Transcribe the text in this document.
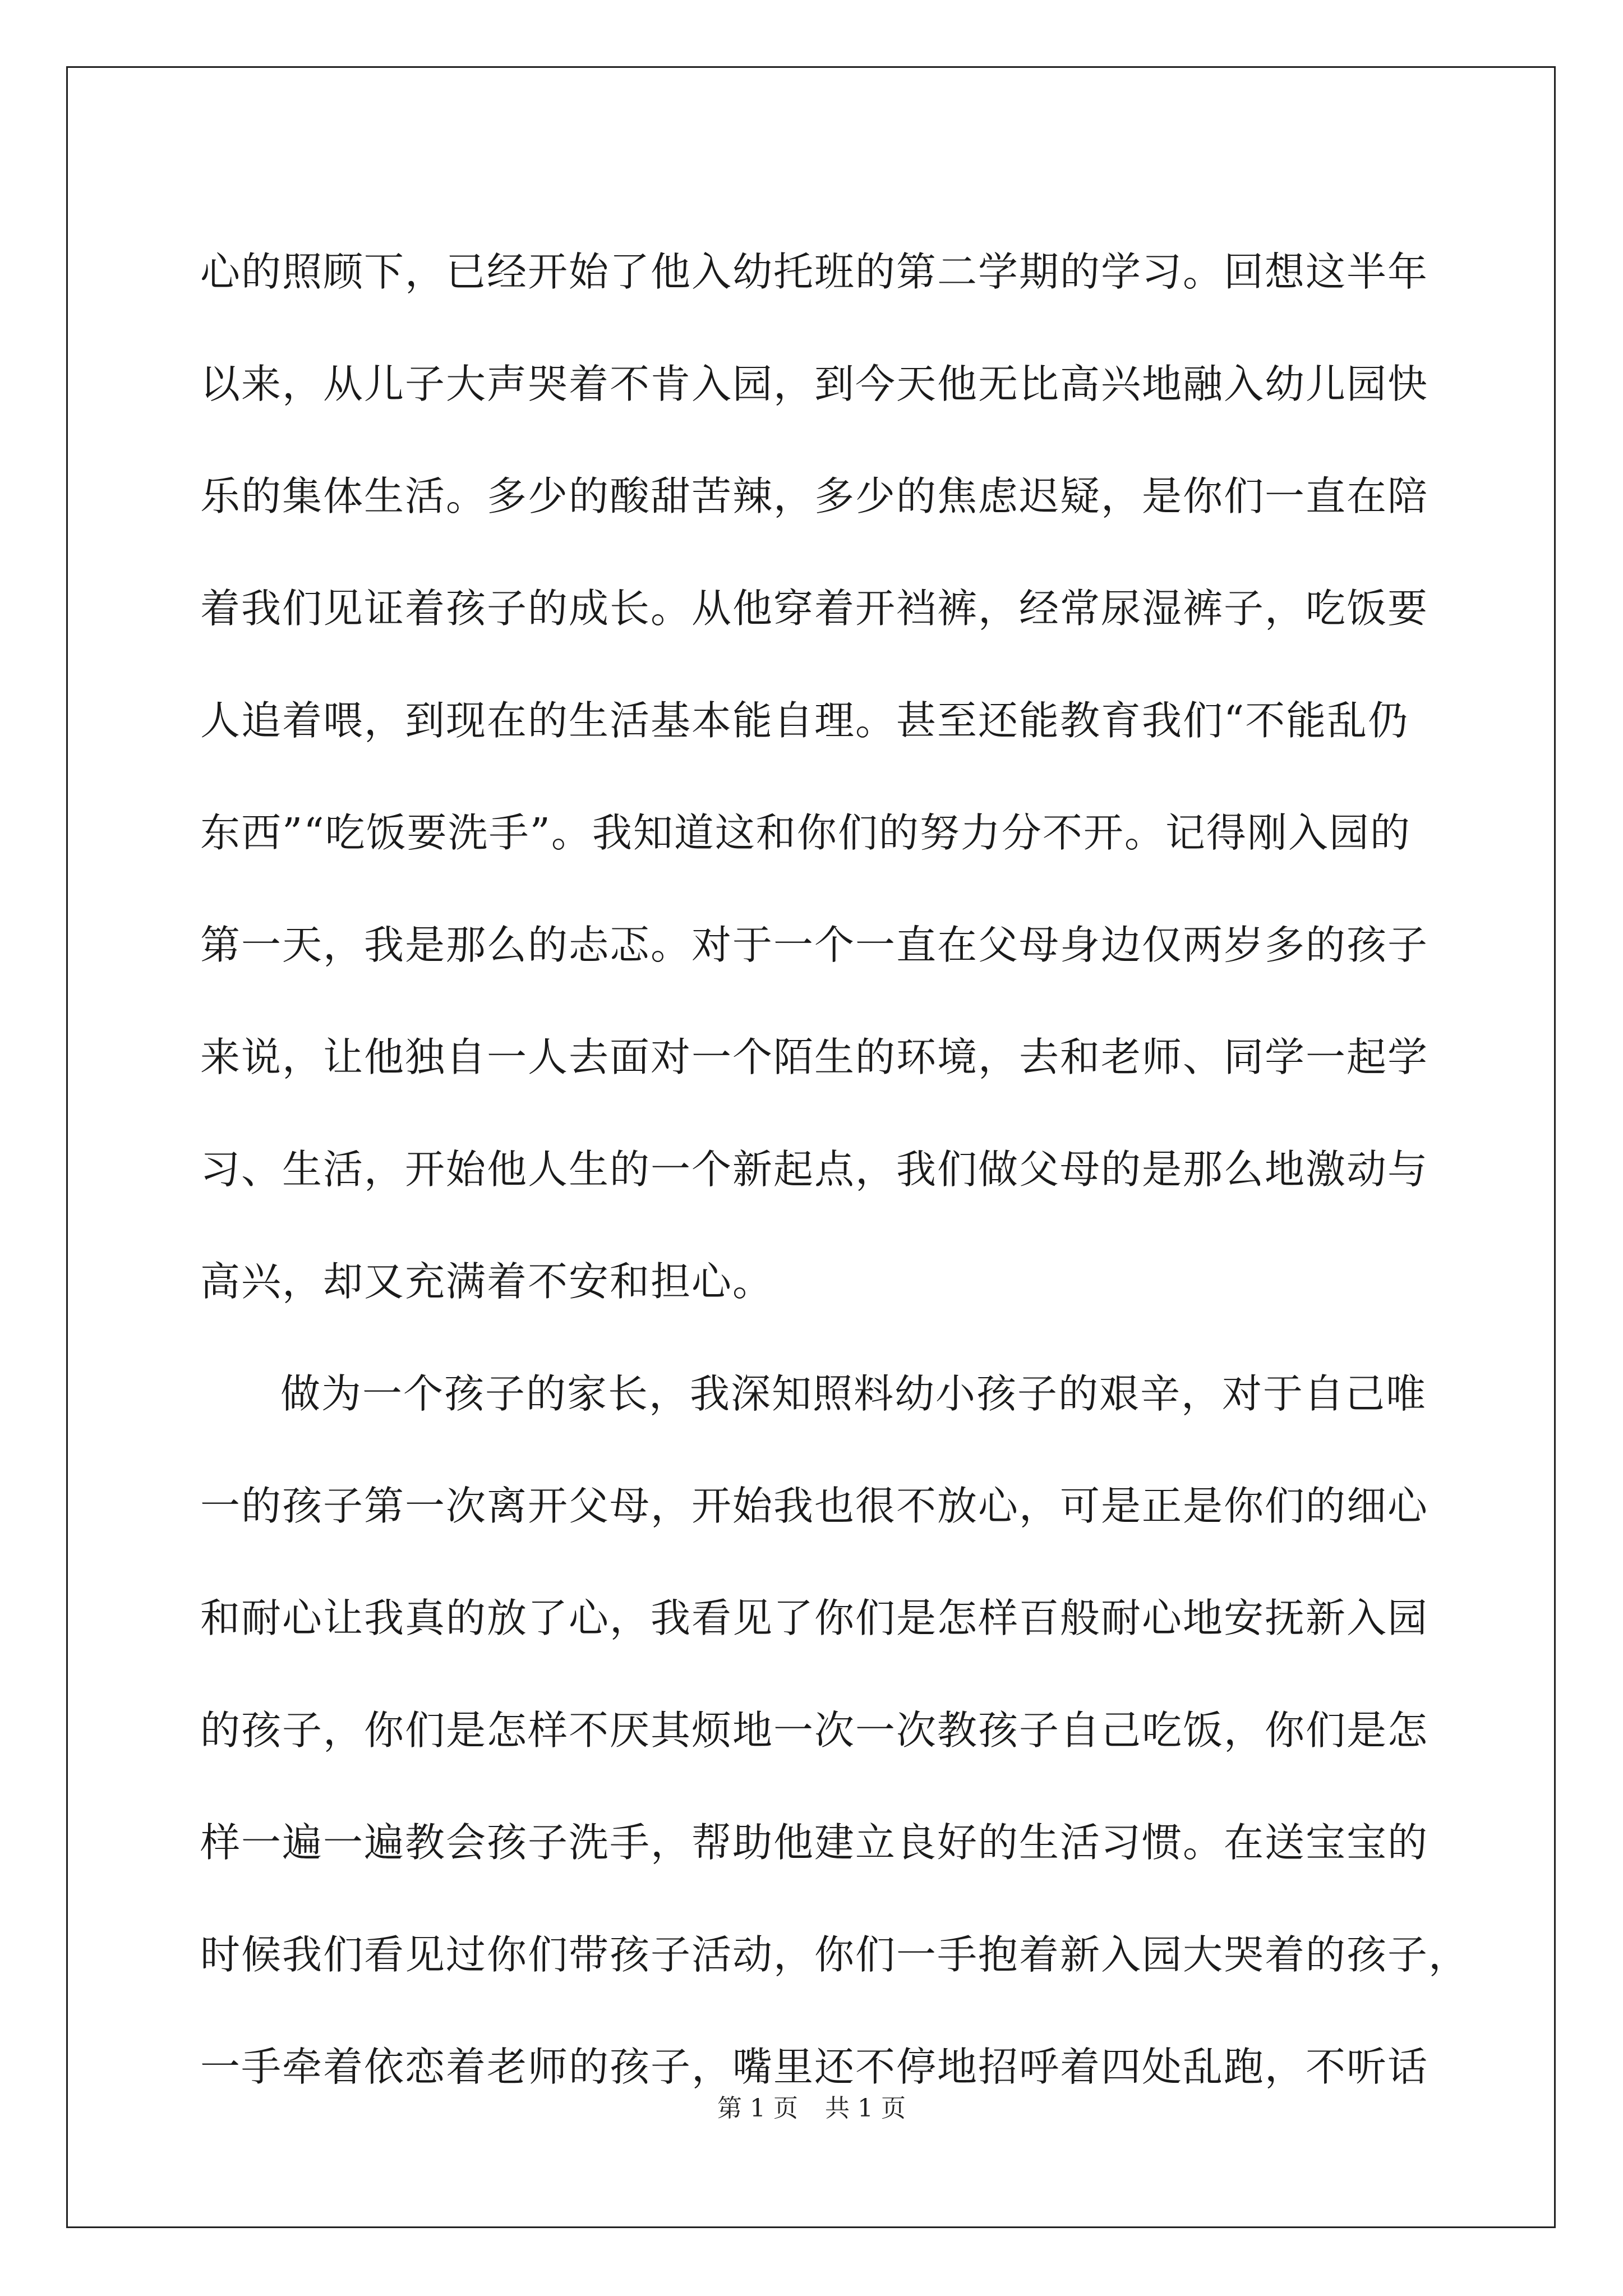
心的照顾下，已经开始了他入幼托班的第二学期的学习。回想这半年
以来，从儿子大声哭着不肯入园，到今天他无比高兴地融入幼儿园快
乐的集体生活。多少的酸甜苦辣，多少的焦虑迟疑，是你们一直在陪
着我们见证着孩子的成长。从他穿着开裆裤，经常尿湿裤子，吃饭要
人追着喂，到现在的生活基本能自理。甚至还能教育我们“不能乱仍
东西”“吃饭要洗手”。我知道这和你们的努力分不开。记得刚入园的
第一天，我是那么的忐忑。对于一个一直在父母身边仅两岁多的孩子
来说，让他独自一人去面对一个陌生的环境，去和老师、同学一起学
习、生活，开始他人生的一个新起点，我们做父母的是那么地激动与
高兴，却又充满着不安和担心。
做为一个孩子的家长，我深知照料幼小孩子的艰辛，对于自己唯
一的孩子第一次离开父母，开始我也很不放心，可是正是你们的细心
和耐心让我真的放了心，我看见了你们是怎样百般耐心地安抚新入园
的孩子，你们是怎样不厌其烦地一次一次教孩子自己吃饭，你们是怎
样一遍一遍教会孩子洗手，帮助他建立良好的生活习惯。在送宝宝的
时候我们看见过你们带孩子活动，你们一手抱着新入园大哭着的孩子，
一手牵着依恋着老师的孩子，嘴里还不停地招呼着四处乱跑，不听话
第 1 页 共 1 页
